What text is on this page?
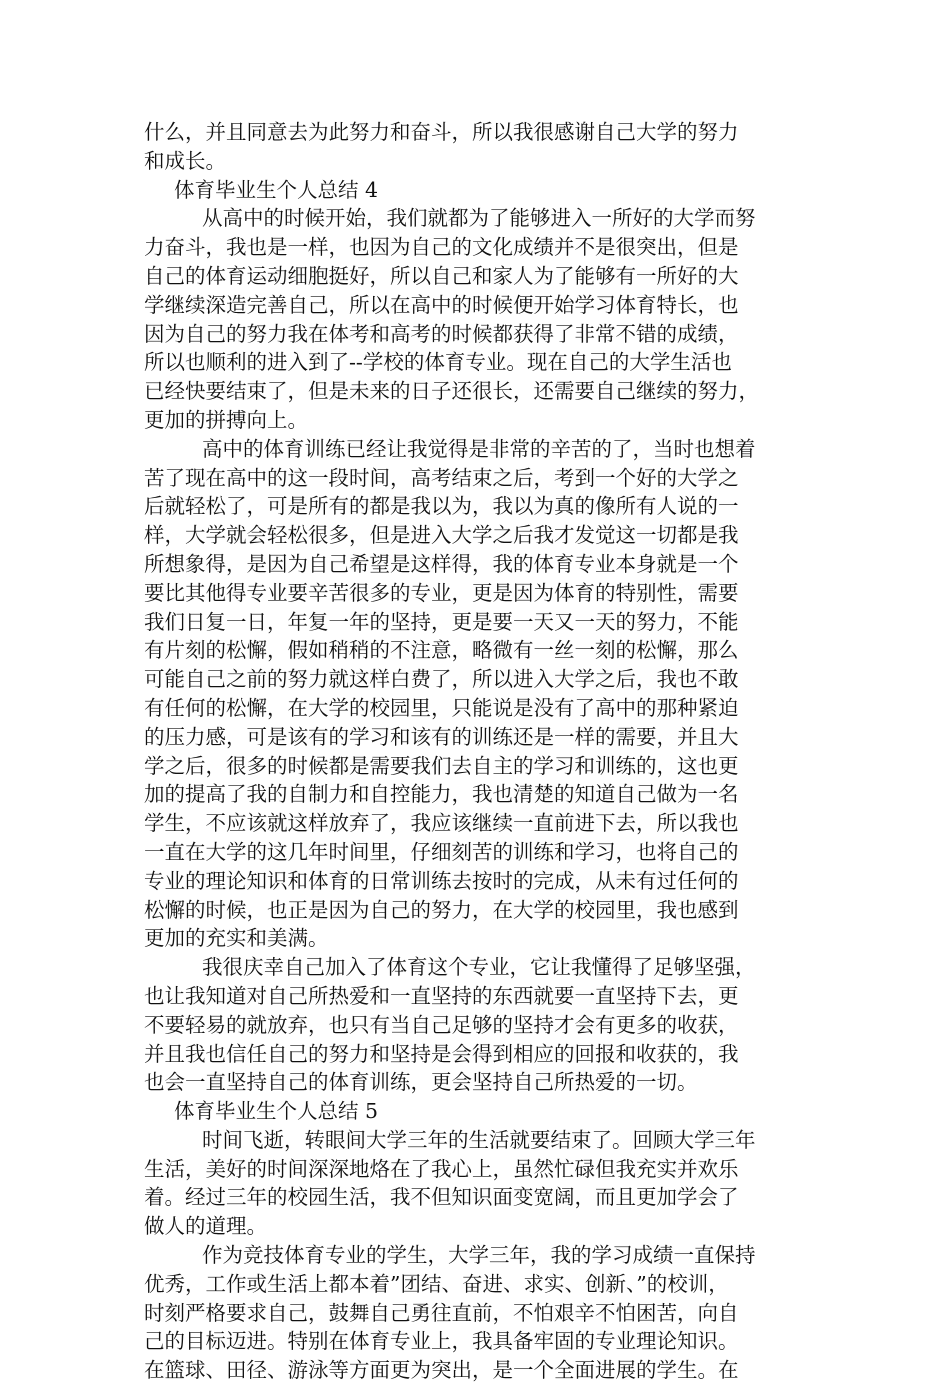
什么，并且同意去为此努力和奋斗，所以我很感谢自己大学的努力
和成长。
体育毕业生个人总结 4
从高中的时候开始，我们就都为了能够进入一所好的大学而努
力奋斗，我也是一样，也因为自己的文化成绩并不是很突出，但是
自己的体育运动细胞挺好，所以自己和家人为了能够有一所好的大
学继续深造完善自己，所以在高中的时候便开始学习体育特长，也
因为自己的努力我在体考和高考的时候都获得了非常不错的成绩，
所以也顺利的进入到了--学校的体育专业。现在自己的大学生活也
已经快要结束了，但是未来的日子还很长，还需要自己继续的努力，
更加的拼搏向上。
高中的体育训练已经让我觉得是非常的辛苦的了，当时也想着
苦了现在高中的这一段时间，高考结束之后，考到一个好的大学之
后就轻松了，可是所有的都是我以为，我以为真的像所有人说的一
样，大学就会轻松很多，但是进入大学之后我才发觉这一切都是我
所想象得，是因为自己希望是这样得，我的体育专业本身就是一个
要比其他得专业要辛苦很多的专业，更是因为体育的特别性，需要
我们日复一日，年复一年的坚持，更是要一天又一天的努力，不能
有片刻的松懈，假如稍稍的不注意，略微有一丝一刻的松懈，那么
可能自己之前的努力就这样白费了，所以进入大学之后，我也不敢
有任何的松懈，在大学的校园里，只能说是没有了高中的那种紧迫
的压力感，可是该有的学习和该有的训练还是一样的需要，并且大
学之后，很多的时候都是需要我们去自主的学习和训练的，这也更
加的提高了我的自制力和自控能力，我也清楚的知道自己做为一名
学生，不应该就这样放弃了，我应该继续一直前进下去，所以我也
一直在大学的这几年时间里，仔细刻苦的训练和学习，也将自己的
专业的理论知识和体育的日常训练去按时的完成，从未有过任何的
松懈的时候，也正是因为自己的努力，在大学的校园里，我也感到
更加的充实和美满。
我很庆幸自己加入了体育这个专业，它让我懂得了足够坚强，
也让我知道对自己所热爱和一直坚持的东西就要一直坚持下去，更
不要轻易的就放弃，也只有当自己足够的坚持才会有更多的收获，
并且我也信任自己的努力和坚持是会得到相应的回报和收获的，我
也会一直坚持自己的体育训练，更会坚持自己所热爱的一切。
体育毕业生个人总结 5
时间飞逝，转眼间大学三年的生活就要结束了。回顾大学三年
生活，美好的时间深深地烙在了我心上，虽然忙碌但我充实并欢乐
着。经过三年的校园生活，我不但知识面变宽阔，而且更加学会了
做人的道理。
作为竞技体育专业的学生，大学三年，我的学习成绩一直保持
优秀，工作或生活上都本着”团结、奋进、求实、创新、”的校训，
时刻严格要求自己，鼓舞自己勇往直前，不怕艰辛不怕困苦，向自
己的目标迈进。特别在体育专业上，我具备牢固的专业理论知识。
在篮球、田径、游泳等方面更为突出，是一个全面进展的学生。在
